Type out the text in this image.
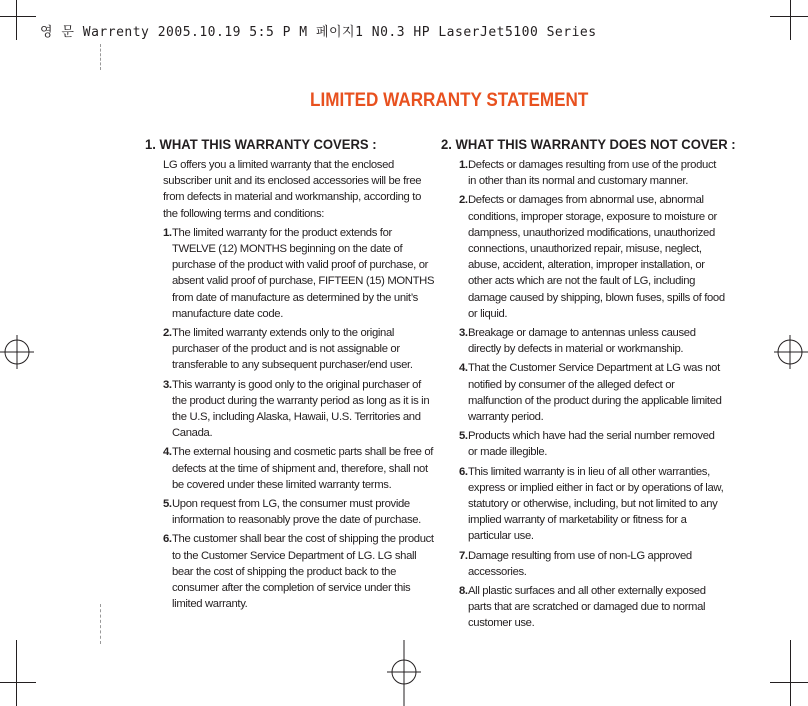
영 문 Warrenty 2005.10.19 5:5 P M 페이지1 N0.3 HP LaserJet5100 Series
LIMITED WARRANTY STATEMENT
1. WHAT THIS WARRANTY COVERS :
LG offers you a limited warranty that the enclosed subscriber unit and its enclosed accessories will be free from defects in material and workmanship, according to the following terms and conditions:
1. The limited warranty for the product extends for TWELVE (12) MONTHS beginning on the date of purchase of the product with valid proof of purchase, or absent valid proof of purchase, FIFTEEN (15) MONTHS from date of manufacture as determined by the unit’s manufacture date code.
2. The limited warranty extends only to the original purchaser of the product and is not assignable or transferable to any subsequent purchaser/end user.
3. This warranty is good only to the original purchaser of the product during the warranty period as long as it is in the U.S, including Alaska, Hawaii, U.S. Territories and Canada.
4. The external housing and cosmetic parts shall be free of defects at the time of shipment and, therefore, shall not be covered under these limited warranty terms.
5. Upon request from LG, the consumer must provide information to reasonably prove the date of purchase.
6. The customer shall bear the cost of shipping the product to the Customer Service Department of LG. LG shall bear the cost of shipping the product back to the consumer after the completion of service under this limited warranty.
2. WHAT THIS WARRANTY DOES NOT COVER :
1. Defects or damages resulting from use of the product in other than its normal and customary manner.
2. Defects or damages from abnormal use, abnormal conditions, improper storage, exposure to moisture or dampness, unauthorized modifications, unauthorized connections, unauthorized repair, misuse, neglect, abuse, accident, alteration, improper installation, or other acts which are not the fault of LG, including damage caused by shipping, blown fuses, spills of food or liquid.
3. Breakage or damage to antennas unless caused directly by defects in material or workmanship.
4. That the Customer Service Department at LG was not notified by consumer of the alleged defect or malfunction of the product during the applicable limited warranty period.
5. Products which have had the serial number removed or made illegible.
6. This limited warranty is in lieu of all other warranties, express or implied either in fact or by operations of law, statutory or otherwise, including, but not limited to any implied warranty of marketability or fitness for a particular use.
7. Damage resulting from use of non-LG approved accessories.
8. All plastic surfaces and all other externally exposed parts that are scratched or damaged due to normal customer use.
